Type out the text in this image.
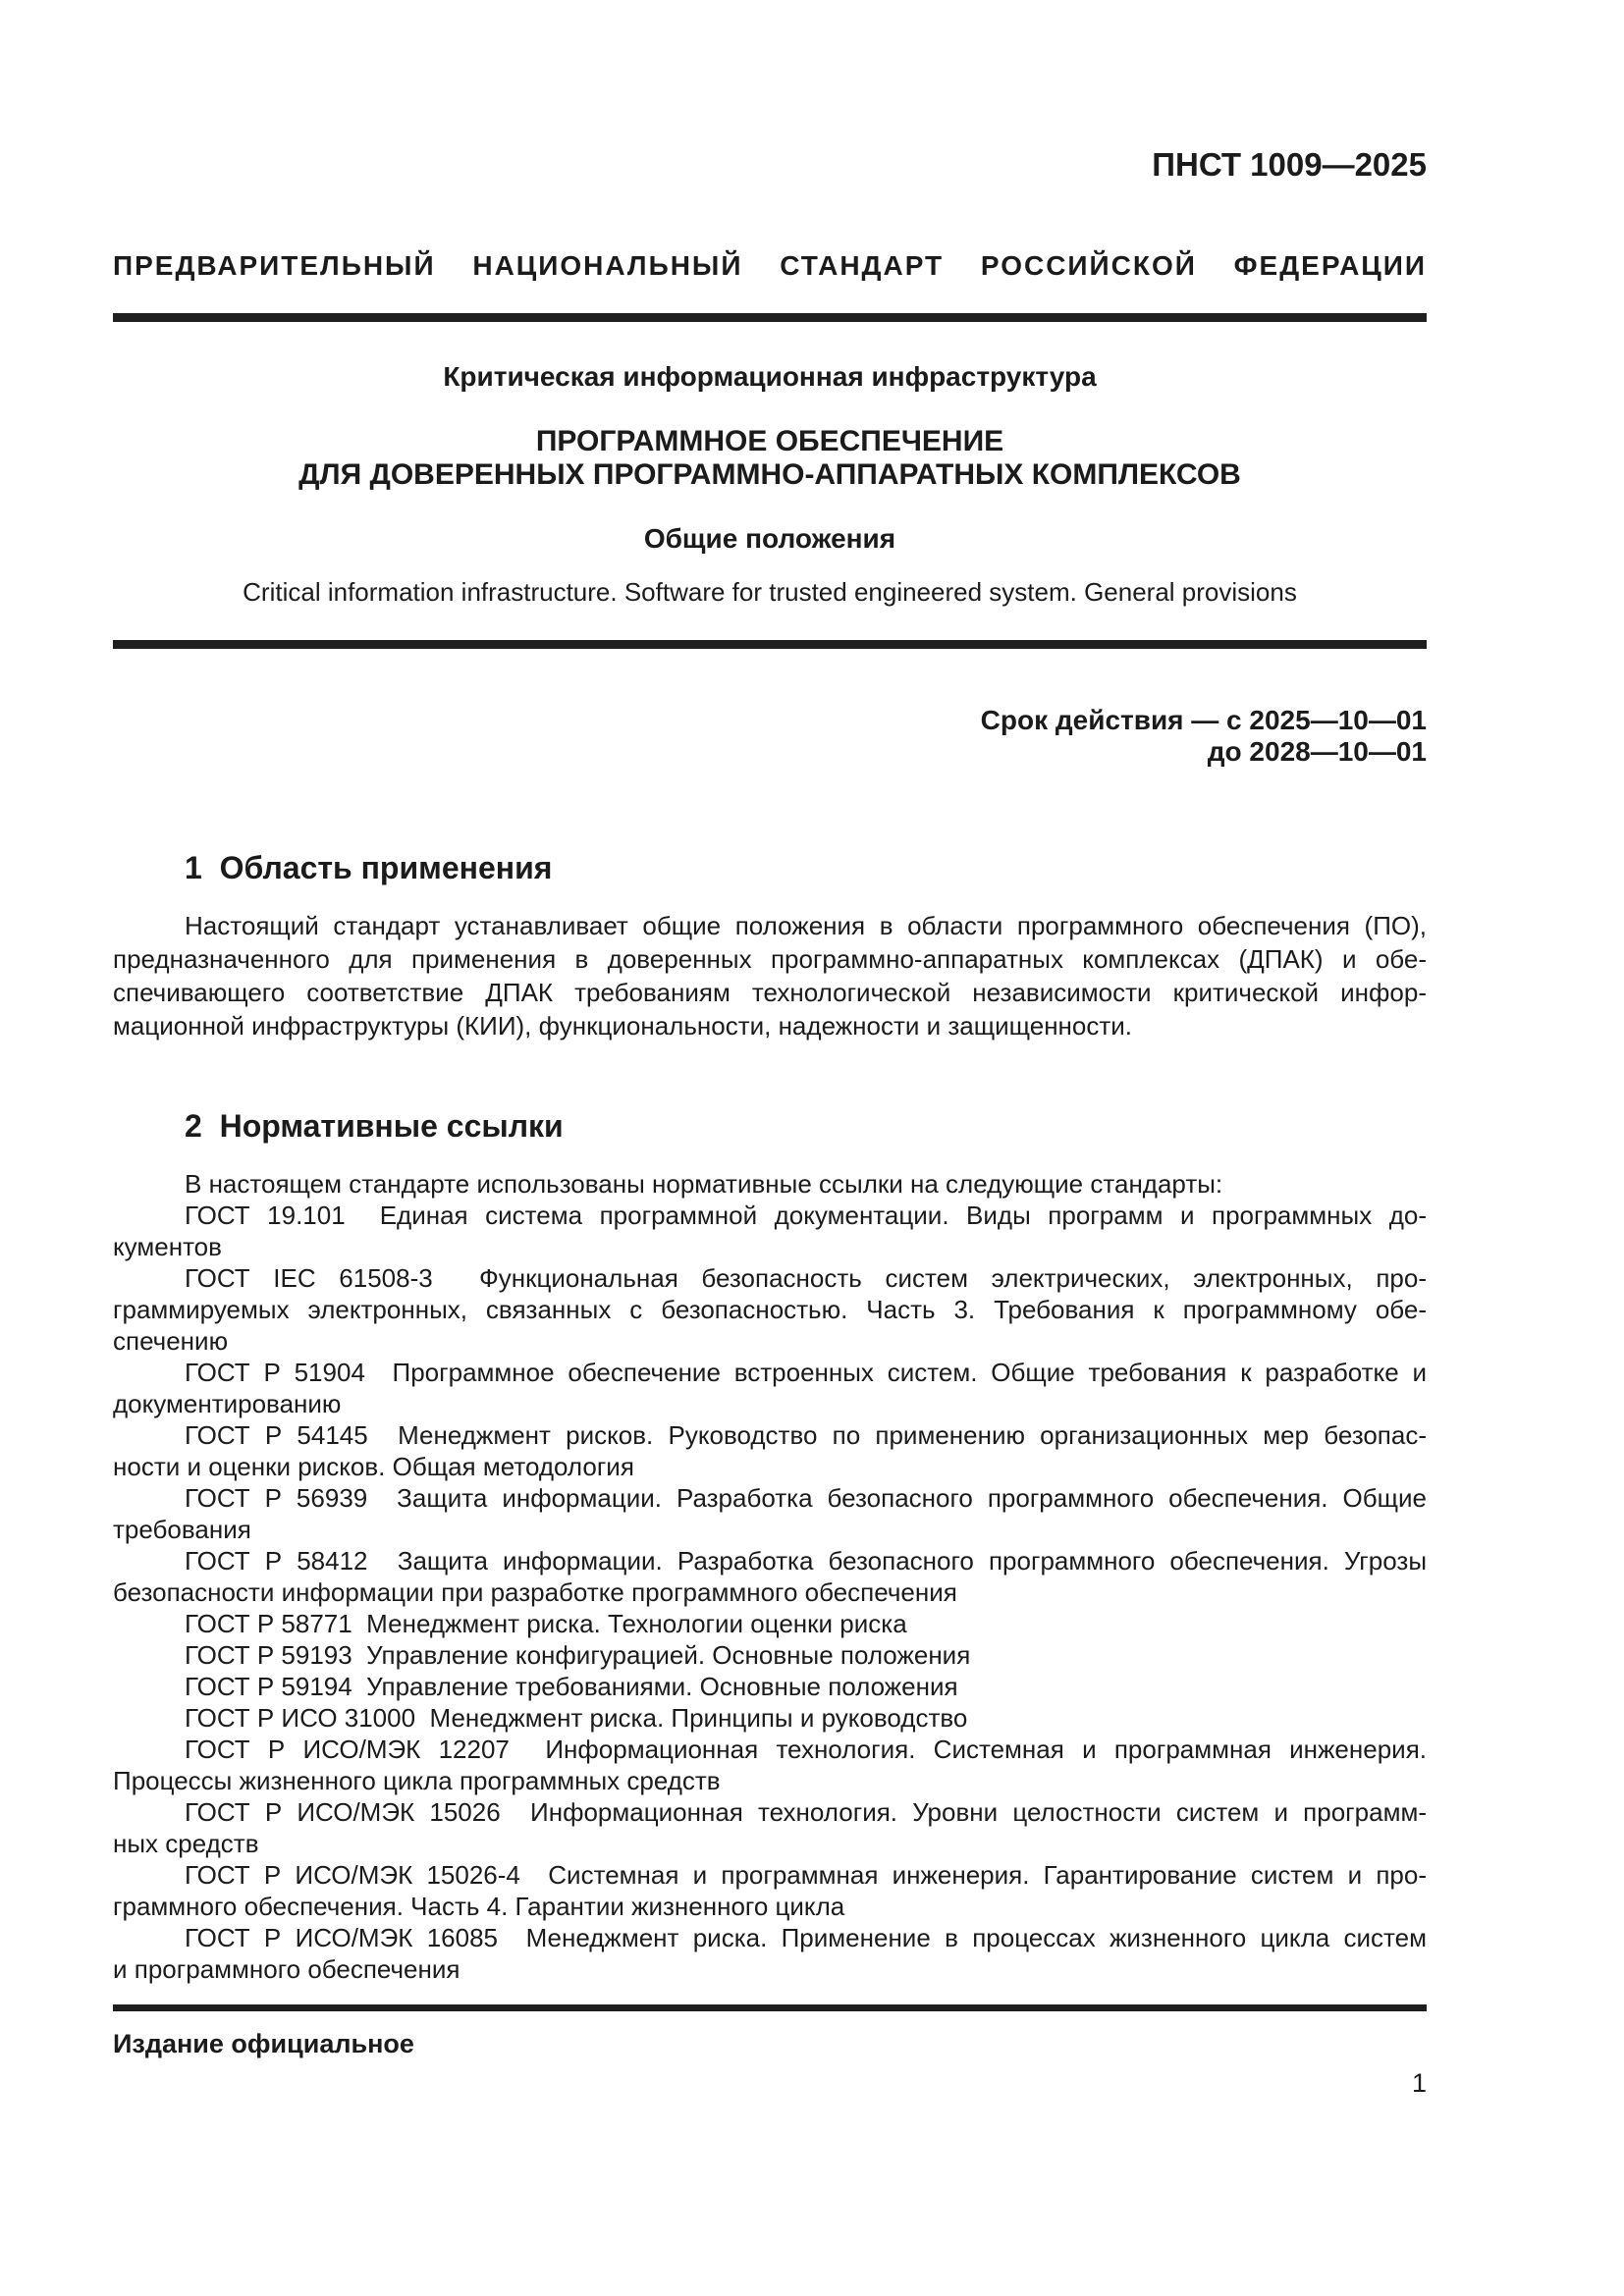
ПНСТ 1009—2025
ПРЕДВАРИТЕЛЬНЫЙ НАЦИОНАЛЬНЫЙ СТАНДАРТ РОССИЙСКОЙ ФЕДЕРАЦИИ
Критическая информационная инфраструктура
ПРОГРАММНОЕ ОБЕСПЕЧЕНИЕ
ДЛЯ ДОВЕРЕННЫХ ПРОГРАММНО-АППАРАТНЫХ КОМПЛЕКСОВ
Общие положения
Critical information infrastructure. Software for trusted engineered system. General provisions
Срок действия — с 2025—10—01
до 2028—10—01
1  Область применения
Настоящий стандарт устанавливает общие положения в области программного обеспечения (ПО),
предназначенного для применения в доверенных программно-аппаратных комплексах (ДПАК) и обе-
спечивающего соответствие ДПАК требованиям технологической независимости критической инфор-
мационной инфраструктуры (КИИ), функциональности, надежности и защищенности.
2  Нормативные ссылки
В настоящем стандарте использованы нормативные ссылки на следующие стандарты:
ГОСТ 19.101  Единая система программной документации. Виды программ и программных до-
кументов
ГОСТ IEC 61508-3  Функциональная безопасность систем электрических, электронных, про-
граммируемых электронных, связанных с безопасностью. Часть 3. Требования к программному обе-
спечению
ГОСТ Р 51904  Программное обеспечение встроенных систем. Общие требования к разработке и
документированию
ГОСТ Р 54145  Менеджмент рисков. Руководство по применению организационных мер безопас-
ности и оценки рисков. Общая методология
ГОСТ Р 56939  Защита информации. Разработка безопасного программного обеспечения. Общие
требования
ГОСТ Р 58412  Защита информации. Разработка безопасного программного обеспечения. Угрозы
безопасности информации при разработке программного обеспечения
ГОСТ Р 58771  Менеджмент риска. Технологии оценки риска
ГОСТ Р 59193  Управление конфигурацией. Основные положения
ГОСТ Р 59194  Управление требованиями. Основные положения
ГОСТ Р ИСО 31000  Менеджмент риска. Принципы и руководство
ГОСТ Р ИСО/МЭК 12207  Информационная технология. Системная и программная инженерия.
Процессы жизненного цикла программных средств
ГОСТ Р ИСО/МЭК 15026  Информационная технология. Уровни целостности систем и программ-
ных средств
ГОСТ Р ИСО/МЭК 15026-4  Системная и программная инженерия. Гарантирование систем и про-
граммного обеспечения. Часть 4. Гарантии жизненного цикла
ГОСТ Р ИСО/МЭК 16085  Менеджмент риска. Применение в процессах жизненного цикла систем
и программного обеспечения
Издание официальное
1
